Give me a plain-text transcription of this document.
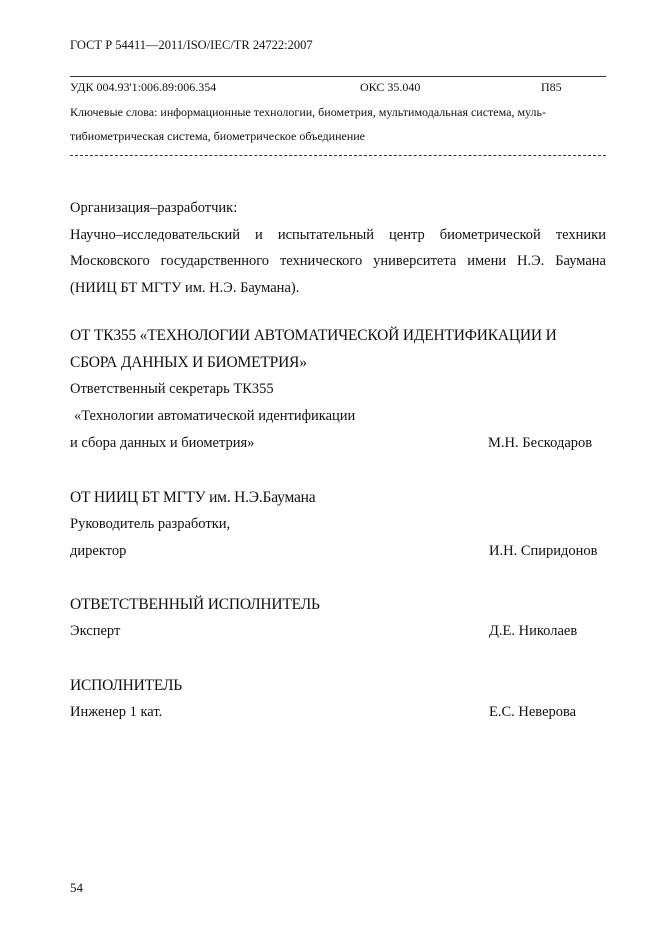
ГОСТ Р 54411—2011/ISO/IEC/TR 24722:2007
УДК 004.93'1:006.89:006.354	ОКС 35.040	П85
Ключевые слова: информационные технологии, биометрия, мультимодальная система, муль-
тибиометрическая система, биометрическое объединение
Организация–разработчик:
Научно–исследовательский и испытательный центр биометрической техники
Московского государственного технического университета имени Н.Э. Баумана
(НИИЦ БТ МГТУ им. Н.Э. Баумана).
ОТ ТК355 «ТЕХНОЛОГИИ АВТОМАТИЧЕСКОЙ ИДЕНТИФИКАЦИИ И
СБОРА ДАННЫХ И БИОМЕТРИЯ»
Ответственный секретарь ТК355
«Технологии автоматической идентификации
и сбора данных и биометрия»	М.Н. Бескодаров
ОТ НИИЦ БТ МГТУ им. Н.Э.Баумана
Руководитель разработки,
директор	И.Н. Спиридонов
ОТВЕТСТВЕННЫЙ ИСПОЛНИТЕЛЬ
Эксперт	Д.Е. Николаев
ИСПОЛНИТЕЛЬ
Инженер 1 кат.	Е.С. Неверова
54
